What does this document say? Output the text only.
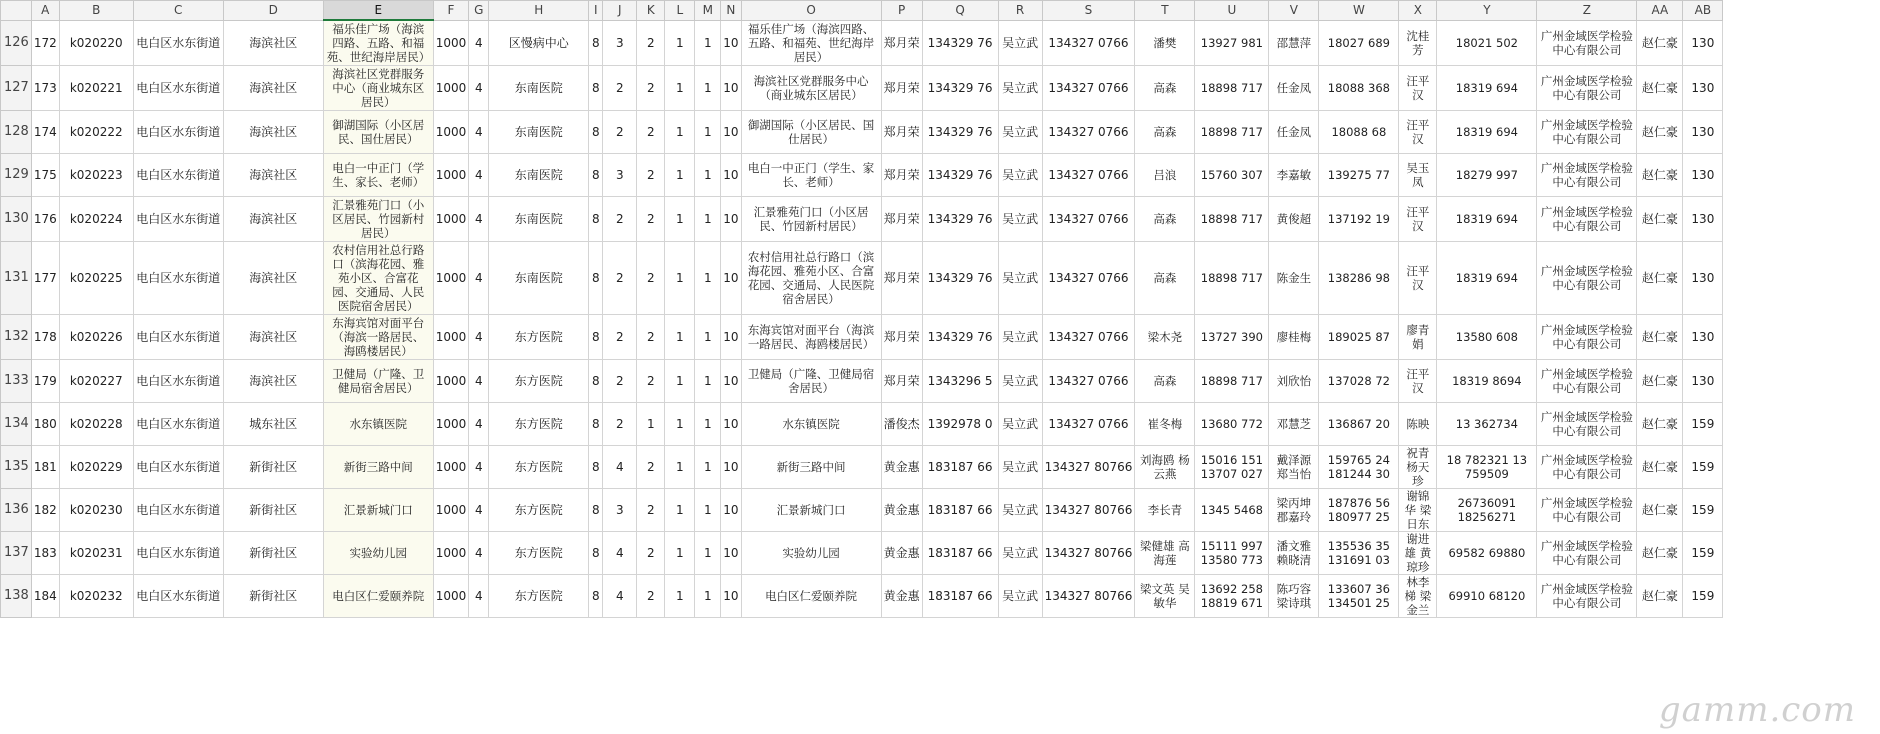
	A	B	C	D	E	F	G	H	I	J	K	L	M	N	O	P	Q	R	S	T	U	V	W	X	Y	Z	AA	AB
126	172	k020220	电白区水东街道	海滨社区	福乐佳广场（海滨四路、五路、和福苑、世纪海岸居民）	1000	4	区慢病中心	8	3	2	1	1	10	福乐佳广场（海滨四路、五路、和福苑、世纪海岸居民）	郑月荣	134329 76	吴立武	134327 0766	潘樊	13927 981	邵慧萍	18027 689	沈桂芳	18021 502	广州金域医学检验中心有限公司	赵仁豪	130
127	173	k020221	电白区水东街道	海滨社区	海滨社区党群服务中心（商业城东区居民）	1000	4	东南医院	8	2	2	1	1	10	海滨社区党群服务中心（商业城东区居民）	郑月荣	134329 76	吴立武	134327 0766	高森	18898 717	任金凤	18088 368	汪平汉	18319 694	广州金域医学检验中心有限公司	赵仁豪	130
128	174	k020222	电白区水东街道	海滨社区	御湖国际（小区居民、国仕居民）	1000	4	东南医院	8	2	2	1	1	10	御湖国际（小区居民、国仕居民）	郑月荣	134329 76	吴立武	134327 0766	高森	18898 717	任金凤	18088 68	汪平汉	18319 694	广州金域医学检验中心有限公司	赵仁豪	130
129	175	k020223	电白区水东街道	海滨社区	电白一中正门（学生、家长、老师）	1000	4	东南医院	8	3	2	1	1	10	电白一中正门（学生、家长、老师）	郑月荣	134329 76	吴立武	134327 0766	吕浪	15760 307	李嘉敏	139275 77	吴玉凤	18279 997	广州金域医学检验中心有限公司	赵仁豪	130
130	176	k020224	电白区水东街道	海滨社区	汇景雅苑门口（小区居民、竹园新村居民）	1000	4	东南医院	8	2	2	1	1	10	汇景雅苑门口（小区居民、竹园新村居民）	郑月荣	134329 76	吴立武	134327 0766	高森	18898 717	黄俊超	137192 19	汪平汉	18319 694	广州金域医学检验中心有限公司	赵仁豪	130
131	177	k020225	电白区水东街道	海滨社区	农村信用社总行路口（滨海花园、雅苑小区、合富花园、交通局、人民医院宿舍居民）	1000	4	东南医院	8	2	2	1	1	10	农村信用社总行路口（滨海花园、雅苑小区、合富花园、交通局、人民医院宿舍居民）	郑月荣	134329 76	吴立武	134327 0766	高森	18898 717	陈金生	138286 98	汪平汉	18319 694	广州金域医学检验中心有限公司	赵仁豪	130
132	178	k020226	电白区水东街道	海滨社区	东海宾馆对面平台（海滨一路居民、海鸥楼居民）	1000	4	东方医院	8	2	2	1	1	10	东海宾馆对面平台（海滨一路居民、海鸥楼居民）	郑月荣	134329 76	吴立武	134327 0766	梁木尧	13727 390	廖桂梅	189025 87	廖青娟	13580 608	广州金域医学检验中心有限公司	赵仁豪	130
133	179	k020227	电白区水东街道	海滨社区	卫健局（广隆、卫健局宿舍居民）	1000	4	东方医院	8	2	2	1	1	10	卫健局（广隆、卫健局宿舍居民）	郑月荣	1343296 5	吴立武	134327 0766	高森	18898 717	刘欣怡	137028 72	汪平汉	18319 8694	广州金域医学检验中心有限公司	赵仁豪	130
134	180	k020228	电白区水东街道	城东社区	水东镇医院	1000	4	东方医院	8	2	1	1	1	10	水东镇医院	潘俊杰	1392978 0	吴立武	134327 0766	崔冬梅	13680 772	邓慧芝	136867 20	陈映	13 362734	广州金域医学检验中心有限公司	赵仁豪	159
135	181	k020229	电白区水东街道	新街社区	新街三路中间	1000	4	东方医院	8	4	2	1	1	10	新街三路中间	黄金惠	183187 66	吴立武	134327 80766	刘海鸥 杨云燕	15016 151 13707 027	戴泽源 郑当怡	159765 24 181244 30	祝青 杨天珍	18 782321 13 759509	广州金域医学检验中心有限公司	赵仁豪	159
136	182	k020230	电白区水东街道	新街社区	汇景新城门口	1000	4	东方医院	8	3	2	1	1	10	汇景新城门口	黄金惠	183187 66	吴立武	134327 80766	李长青	1345 5468	梁丙坤 郡嘉玲	187876 56 180977 25	谢锦华 梁日东	26736091 18256271	广州金域医学检验中心有限公司	赵仁豪	159
137	183	k020231	电白区水东街道	新街社区	实验幼儿园	1000	4	东方医院	8	4	2	1	1	10	实验幼儿园	黄金惠	183187 66	吴立武	134327 80766	梁健雄 高海莲	15111 997 13580 773	潘文雅 赖晓清	135536 35 131691 03	谢进雄 黄琼珍	69582 69880	广州金域医学检验中心有限公司	赵仁豪	159
138	184	k020232	电白区水东街道	新街社区	电白区仁爱颐养院	1000	4	东方医院	8	4	2	1	1	10	电白区仁爱颐养院	黄金惠	183187 66	吴立武	134327 80766	梁文英 吴敏华	13692 258 18819 671	陈巧容 梁诗琪	133607 36 134501 25	林李梯 梁金兰	69910 68120	广州金域医学检验中心有限公司	赵仁豪	159
gamm.com
